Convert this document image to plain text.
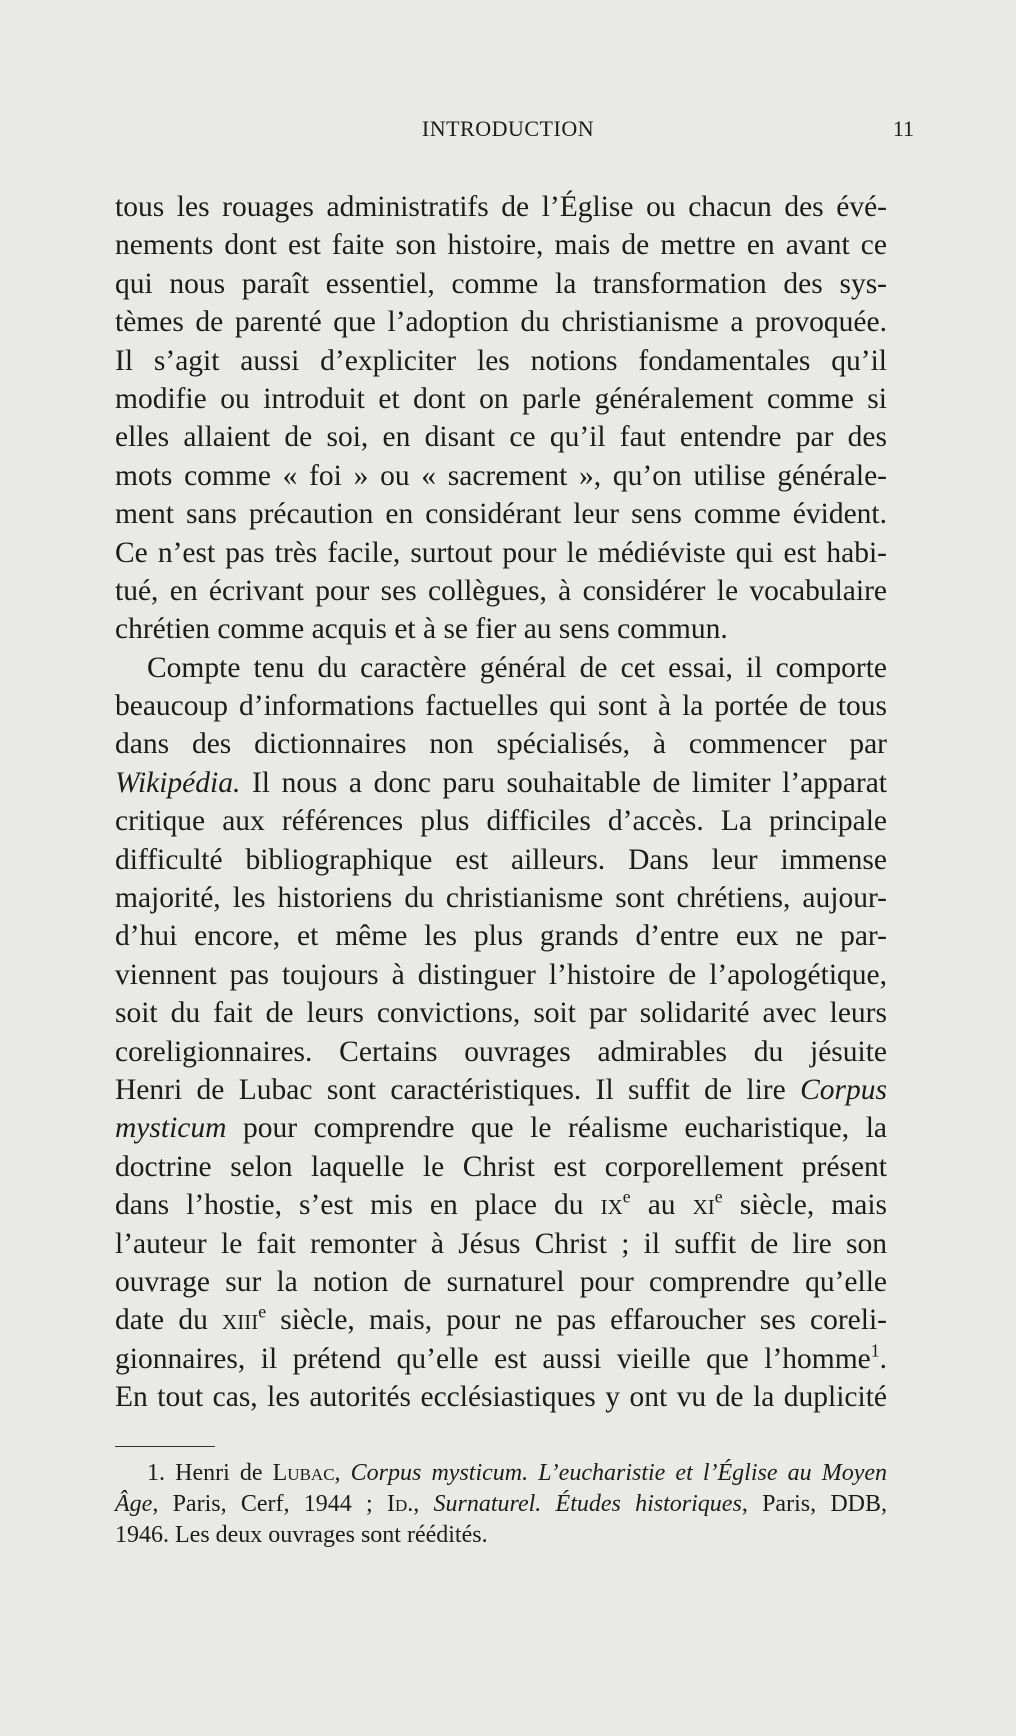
INTRODUCTION	11
tous les rouages administratifs de l’Église ou chacun des évé-
nements dont est faite son histoire, mais de mettre en avant ce
qui nous paraît essentiel, comme la transformation des sys-
tèmes de parenté que l’adoption du christianisme a provoquée.
Il s’agit aussi d’expliciter les notions fondamentales qu’il
modifie ou introduit et dont on parle généralement comme si
elles allaient de soi, en disant ce qu’il faut entendre par des
mots comme « foi » ou « sacrement », qu’on utilise générale-
ment sans précaution en considérant leur sens comme évident.
Ce n’est pas très facile, surtout pour le médiéviste qui est habi-
tué, en écrivant pour ses collègues, à considérer le vocabulaire
chrétien comme acquis et à se fier au sens commun.
Compte tenu du caractère général de cet essai, il comporte
beaucoup d’informations factuelles qui sont à la portée de tous
dans des dictionnaires non spécialisés, à commencer par
Wikipédia. Il nous a donc paru souhaitable de limiter l’apparat
critique aux références plus difficiles d’accès. La principale
difficulté bibliographique est ailleurs. Dans leur immense
majorité, les historiens du christianisme sont chrétiens, aujour-
d’hui encore, et même les plus grands d’entre eux ne par-
viennent pas toujours à distinguer l’histoire de l’apologétique,
soit du fait de leurs convictions, soit par solidarité avec leurs
coreligionnaires. Certains ouvrages admirables du jésuite
Henri de Lubac sont caractéristiques. Il suffit de lire Corpus
mysticum pour comprendre que le réalisme eucharistique, la
doctrine selon laquelle le Christ est corporellement présent
dans l’hostie, s’est mis en place du $ix^e$ au $xi^e$ siècle, mais
l’auteur le fait remonter à Jésus Christ ; il suffit de lire son
ouvrage sur la notion de surnaturel pour comprendre qu’elle
date du xiii$^e$ siècle, mais, pour ne pas effaroucher ses coreli-
gionnaires, il prétend qu’elle est aussi vieille que l’homme$^1$.
En tout cas, les autorités ecclésiastiques y ont vu de la duplicité
1. Henri de Lubac, Corpus mysticum. L’eucharistie et l’Église au Moyen
Âge, Paris, Cerf, 1944 ; Id., Surnaturel. Études historiques, Paris, DDB,
1946. Les deux ouvrages sont réédités.
